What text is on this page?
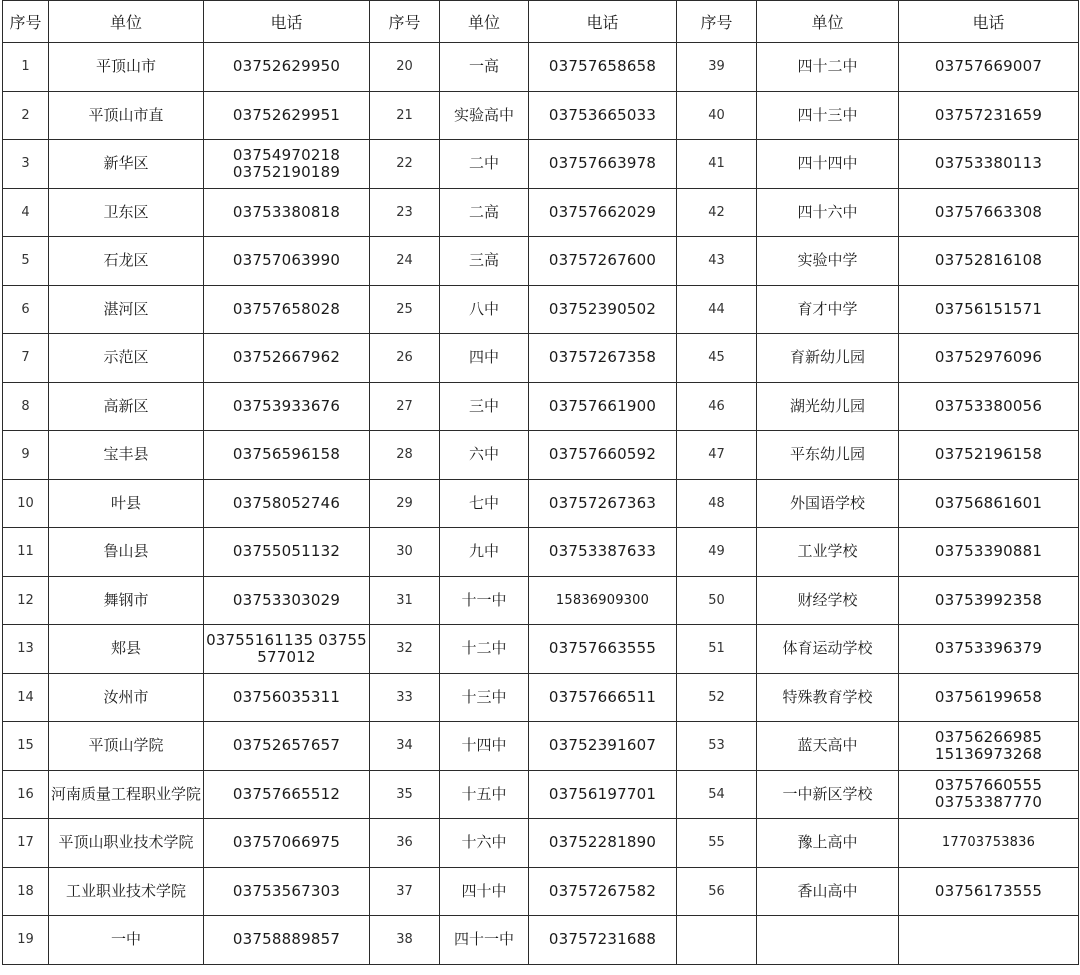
序号	单位	电话	序号	单位	电话	序号	单位	电话
1	平顶山市	03752629950	20	一高	03757658658	39	四十二中	03757669007
2	平顶山市直	03752629951	21	实验高中	03753665033	40	四十三中	03757231659
3	新华区	03754970218 03752190189	22	二中	03757663978	41	四十四中	03753380113
4	卫东区	03753380818	23	二高	03757662029	42	四十六中	03757663308
5	石龙区	03757063990	24	三高	03757267600	43	实验中学	03752816108
6	湛河区	03757658028	25	八中	03752390502	44	育才中学	03756151571
7	示范区	03752667962	26	四中	03757267358	45	育新幼儿园	03752976096
8	高新区	03753933676	27	三中	03757661900	46	湖光幼儿园	03753380056
9	宝丰县	03756596158	28	六中	03757660592	47	平东幼儿园	03752196158
10	叶县	03758052746	29	七中	03757267363	48	外国语学校	03756861601
11	鲁山县	03755051132	30	九中	03753387633	49	工业学校	03753390881
12	舞钢市	03753303029	31	十一中	15836909300	50	财经学校	03753992358
13	郏县	03755161135 03755 577012	32	十二中	03757663555	51	体育运动学校	03753396379
14	汝州市	03756035311	33	十三中	03757666511	52	特殊教育学校	03756199658
15	平顶山学院	03752657657	34	十四中	03752391607	53	蓝天高中	03756266985 15136973268
16	河南质量工程职业学院	03757665512	35	十五中	03756197701	54	一中新区学校	03757660555 03753387770
17	平顶山职业技术学院	03757066975	36	十六中	03752281890	55	豫上高中	17703753836
18	工业职业技术学院	03753567303	37	四十中	03757267582	56	香山高中	03756173555
19	一中	03758889857	38	四十一中	03757231688			
